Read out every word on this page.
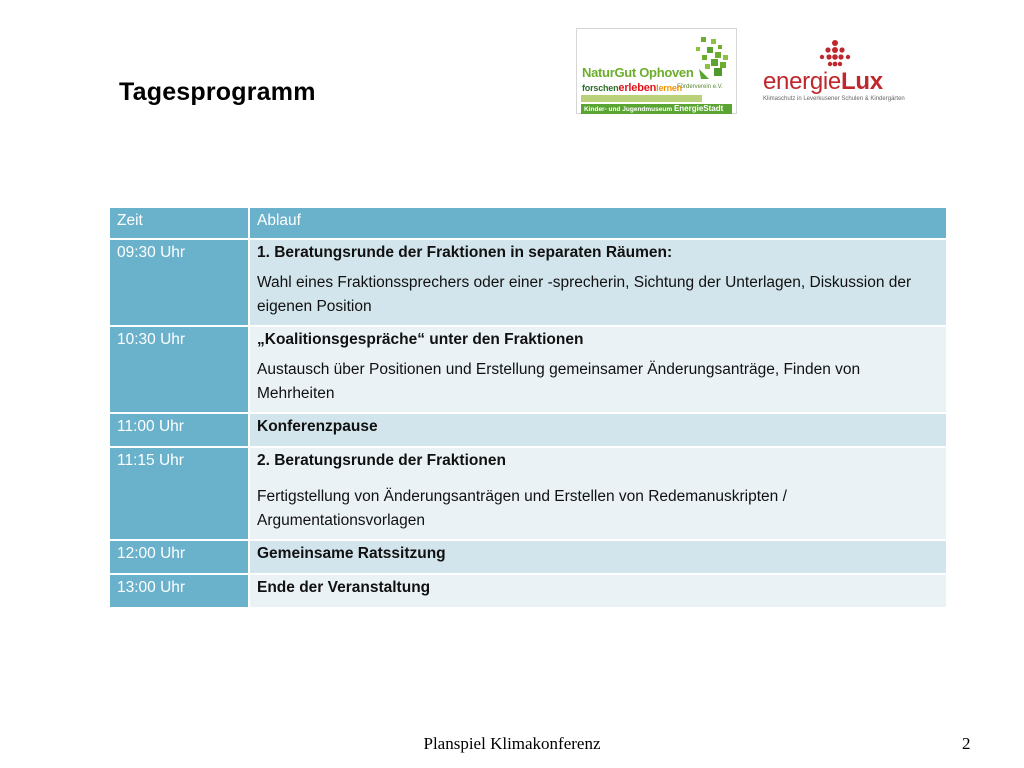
Tagesprogramm
NaturGut Ophoven
forschenerlebenlernen
Förderverein e.V.
Kinder- und Jugendmuseum EnergieStadt
energieLux
Klimaschutz in Leverkusener Schulen & Kindergärten
Zeit	Ablauf
09:30 Uhr	1. Beratungsrunde der Fraktionen in separaten Räumen:
Wahl eines Fraktionssprechers oder einer -sprecherin, Sichtung der Unterlagen, Diskussion der eigenen Position

10:30 Uhr	„Koalitionsgespräche“ unter den Fraktionen
Austausch über Positionen und Erstellung gemeinsamer Änderungsanträge, Finden von Mehrheiten

11:00 Uhr	Konferenzpause

11:15 Uhr	2. Beratungsrunde der Fraktionen
Fertigstellung von Änderungsanträgen und Erstellen von Redemanuskripten / Argumentationsvorlagen

12:00 Uhr	Gemeinsame Ratssitzung

13:00 Uhr	Ende der Veranstaltung
Planspiel Klimakonferenz	2
